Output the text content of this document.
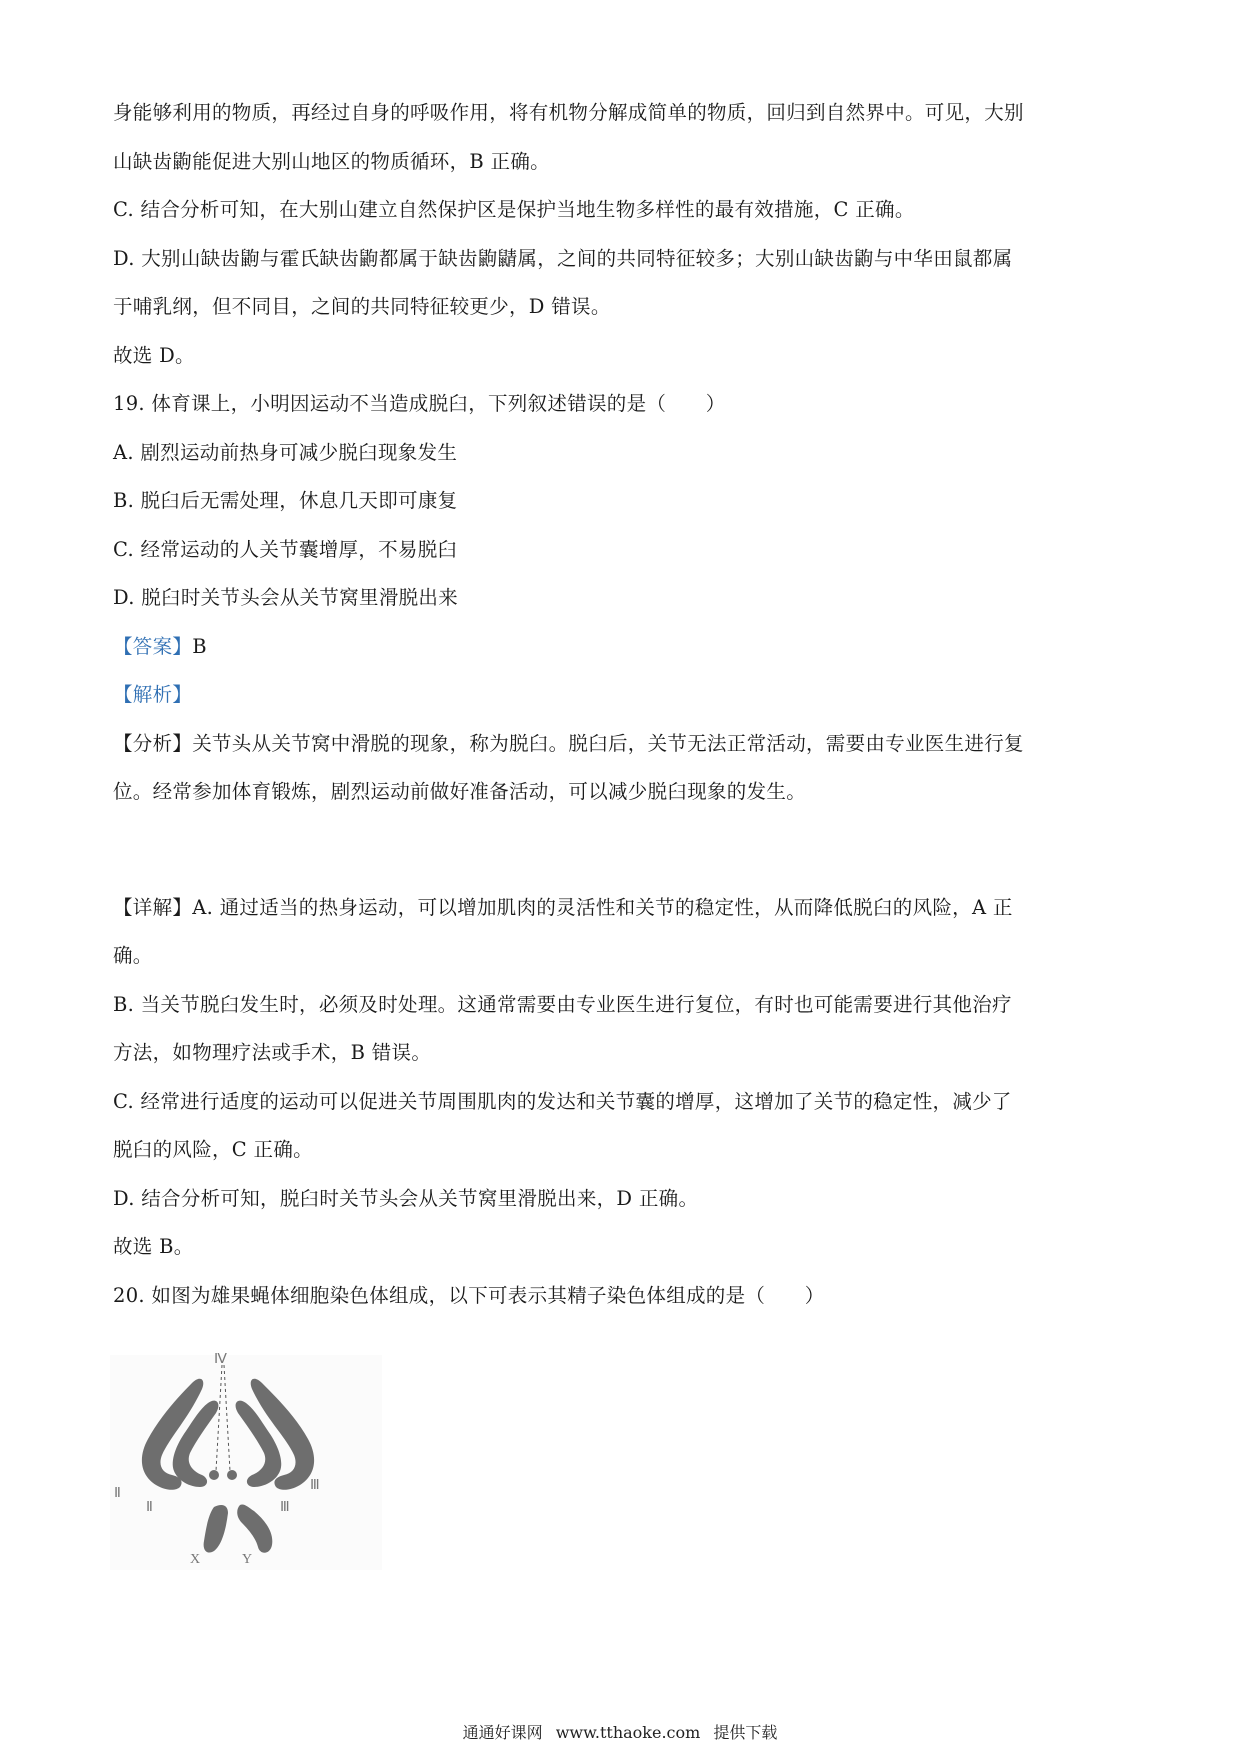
身能够利用的物质，再经过自身的呼吸作用，将有机物分解成简单的物质，回归到自然界中。可见，大别
山缺齿鼩能促进大别山地区的物质循环，B 正确。
C. 结合分析可知，在大别山建立自然保护区是保护当地生物多样性的最有效措施，C 正确。
D. 大别山缺齿鼩与霍氏缺齿鼩都属于缺齿鼩鼱属，之间的共同特征较多；大别山缺齿鼩与中华田鼠都属
于哺乳纲，但不同目，之间的共同特征较更少，D 错误。
故选 D。
19. 体育课上，小明因运动不当造成脱臼，下列叙述错误的是（　　）
A. 剧烈运动前热身可减少脱臼现象发生
B. 脱臼后无需处理，休息几天即可康复
C. 经常运动的人关节囊增厚，不易脱臼
D. 脱臼时关节头会从关节窝里滑脱出来
【答案】B
【解析】
【分析】关节头从关节窝中滑脱的现象，称为脱臼。脱臼后，关节无法正常活动，需要由专业医生进行复
位。经常参加体育锻炼，剧烈运动前做好准备活动，可以减少脱臼现象的发生。
【详解】A. 通过适当的热身运动，可以增加肌肉的灵活性和关节的稳定性，从而降低脱臼的风险，A 正
确。
B. 当关节脱臼发生时，必须及时处理。这通常需要由专业医生进行复位，有时也可能需要进行其他治疗
方法，如物理疗法或手术，B 错误。
C. 经常进行适度的运动可以促进关节周围肌肉的发达和关节囊的增厚，这增加了关节的稳定性，减少了
脱臼的风险，C 正确。
D. 结合分析可知，脱臼时关节头会从关节窝里滑脱出来，D 正确。
故选 B。
20. 如图为雄果蝇体细胞染色体组成，以下可表示其精子染色体组成的是（　　）
Ⅳ
Ⅱ
Ⅱ
Ⅲ
Ⅲ
X	Y
通通好课网 www.tthaoke.com 提供下载
